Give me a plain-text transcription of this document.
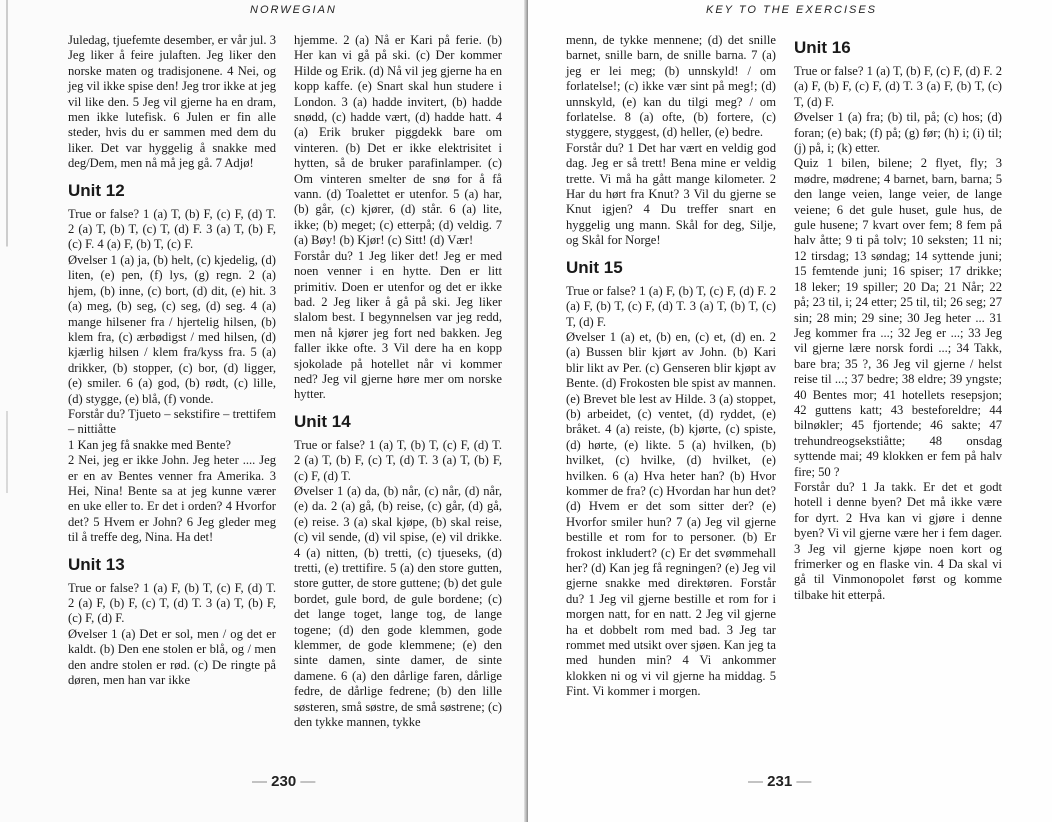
NORWEGIAN

Juledag, tjuefemte desember, er vår jul. 3 Jeg liker å feire julaften. Jeg liker den norske maten og tradisjonene. 4 Nei, og jeg vil ikke spise den! Jeg tror ikke at jeg vil like den. 5 Jeg vil gjerne ha en dram, men ikke lutefisk. 6 Julen er fin alle steder, hvis du er sammen med dem du liker. Det var hyggelig å snakke med deg/Dem, men nå må jeg gå. 7 Adjø!

Unit 12

True or false? 1 (a) T, (b) F, (c) F, (d) T. 2 (a) T, (b) T, (c) T, (d) F. 3 (a) T, (b) F, (c) F. 4 (a) F, (b) T, (c) F.

Øvelser 1 (a) ja, (b) helt, (c) kjedelig, (d) liten, (e) pen, (f) lys, (g) regn. 2 (a) hjem, (b) inne, (c) bort, (d) dit, (e) hit. 3 (a) meg, (b) seg, (c) seg, (d) seg. 4 (a) mange hilsener fra / hjertelig hilsen, (b) klem fra, (c) ærbødigst / med hilsen, (d) kjærlig hilsen / klem fra/kyss fra. 5 (a) drikker, (b) stopper, (c) bor, (d) ligger, (e) smiler. 6 (a) god, (b) rødt, (c) lille, (d) stygge, (e) blå, (f) vonde.

Forstår du? Tjueto – sekstifire – trettifem – nittiåtte

1 Kan jeg få snakke med Bente?

2 Nei, jeg er ikke John. Jeg heter .... Jeg er en av Bentes venner fra Amerika. 3 Hei, Nina! Bente sa at jeg kunne værer en uke eller to. Er det i orden? 4 Hvorfor det? 5 Hvem er John? 6 Jeg gleder meg til å treffe deg, Nina. Ha det!

Unit 13

True or false? 1 (a) F, (b) T, (c) F, (d) T. 2 (a) F, (b) F, (c) T, (d) T. 3 (a) T, (b) F, (c) F, (d) F.

Øvelser 1 (a) Det er sol, men / og det er kaldt. (b) Den ene stolen er blå, og / men den andre stolen er rød. (c) De ringte på døren, men han var ikke

hjemme. 2 (a) Nå er Kari på ferie. (b) Her kan vi gå på ski. (c) Der kommer Hilde og Erik. (d) Nå vil jeg gjerne ha en kopp kaffe. (e) Snart skal hun studere i London. 3 (a) hadde invitert, (b) hadde snødd, (c) hadde vært, (d) hadde hatt. 4 (a) Erik bruker piggdekk bare om vinteren. (b) Det er ikke elektrisitet i hytten, så de bruker parafinlamper. (c) Om vinteren smelter de snø for å få vann. (d) Toalettet er utenfor. 5 (a) har, (b) går, (c) kjører, (d) står. 6 (a) lite, ikke; (b) meget; (c) etterpå; (d) veldig. 7 (a) Bøy! (b) Kjør! (c) Sitt! (d) Vær!

Forstår du? 1 Jeg liker det! Jeg er med noen venner i en hytte. Den er litt primitiv. Doen er utenfor og det er ikke bad. 2 Jeg liker å gå på ski. Jeg liker slalom best. I begynnelsen var jeg redd, men nå kjører jeg fort ned bakken. Jeg faller ikke ofte. 3 Vil dere ha en kopp sjokolade på hotellet når vi kommer ned? Jeg vil gjerne høre mer om norske hytter.

Unit 14

True or false? 1 (a) T, (b) T, (c) F, (d) T. 2 (a) T, (b) F, (c) T, (d) T. 3 (a) T, (b) F, (c) F, (d) T.

Øvelser 1 (a) da, (b) når, (c) når, (d) når, (e) da. 2 (a) gå, (b) reise, (c) går, (d) gå, (e) reise. 3 (a) skal kjøpe, (b) skal reise, (c) vil sende, (d) vil spise, (e) vil drikke. 4 (a) nitten, (b) tretti, (c) tjueseks, (d) tretti, (e) trettifire. 5 (a) den store gutten, store gutter, de store guttene; (b) det gule bordet, gule bord, de gule bordene; (c) det lange toget, lange tog, de lange togene; (d) den gode klemmen, gode klemmer, de gode klemmene; (e) den sinte damen, sinte damer, de sinte damene. 6 (a) den dårlige faren, dårlige fedre, de dårlige fedrene; (b) den lille søsteren, små søstre, de små søstrene; (c) den tykke mannen, tykke

— 230 —
KEY TO THE EXERCISES

menn, de tykke mennene; (d) det snille barnet, snille barn, de snille barna. 7 (a) jeg er lei meg; (b) unnskyld! / om forlatelse!; (c) ikke vær sint på meg!; (d) unnskyld, (e) kan du tilgi meg? / om forlatelse. 8 (a) ofte, (b) fortere, (c) styggere, styggest, (d) heller, (e) bedre.

Forstår du? 1 Det har vært en veldig god dag. Jeg er så trett! Bena mine er veldig trette. Vi må ha gått mange kilometer. 2 Har du hørt fra Knut? 3 Vil du gjerne se Knut igjen? 4 Du treffer snart en hyggelig ung mann. Skål for deg, Silje, og Skål for Norge!

Unit 15

True or false? 1 (a) F, (b) T, (c) F, (d) F. 2 (a) F, (b) T, (c) F, (d) T. 3 (a) T, (b) T, (c) T, (d) F.

Øvelser 1 (a) et, (b) en, (c) et, (d) en. 2 (a) Bussen blir kjørt av John. (b) Kari blir likt av Per. (c) Genseren blir kjøpt av Bente. (d) Frokosten ble spist av mannen. (e) Brevet ble lest av Hilde. 3 (a) stoppet, (b) arbeidet, (c) ventet, (d) ryddet, (e) bråket. 4 (a) reiste, (b) kjørte, (c) spiste, (d) hørte, (e) likte. 5 (a) hvilken, (b) hvilket, (c) hvilke, (d) hvilket, (e) hvilken. 6 (a) Hva heter han? (b) Hvor kommer de fra? (c) Hvordan har hun det? (d) Hvem er det som sitter der? (e) Hvorfor smiler hun? 7 (a) Jeg vil gjerne bestille et rom for to personer. (b) Er frokost inkludert? (c) Er det svømmehall her? (d) Kan jeg få regningen? (e) Jeg vil gjerne snakke med direktøren. Forstår du? 1 Jeg vil gjerne bestille et rom for i morgen natt, for en natt. 2 Jeg vil gjerne ha et dobbelt rom med bad. 3 Jeg tar rommet med utsikt over sjøen. Kan jeg ta med hunden min? 4 Vi ankommer klokken ni og vi vil gjerne ha middag. 5 Fint. Vi kommer i morgen.

Unit 16

True or false? 1 (a) T, (b) F, (c) F, (d) F. 2 (a) F, (b) F, (c) F, (d) T. 3 (a) F, (b) T, (c) T, (d) F.

Øvelser 1 (a) fra; (b) til, på; (c) hos; (d) foran; (e) bak; (f) på; (g) før; (h) i; (i) til; (j) på, i; (k) etter.

Quiz 1 bilen, bilene; 2 flyet, fly; 3 mødre, mødrene; 4 barnet, barn, barna; 5 den lange veien, lange veier, de lange veiene; 6 det gule huset, gule hus, de gule husene; 7 kvart over fem; 8 fem på halv åtte; 9 ti på tolv; 10 seksten; 11 ni; 12 tirsdag; 13 søndag; 14 syttende juni; 15 femtende juni; 16 spiser; 17 drikke; 18 leker; 19 spiller; 20 Da; 21 Når; 22 på; 23 til, i; 24 etter; 25 til, til; 26 seg; 27 sin; 28 min; 29 sine; 30 Jeg heter ... 31 Jeg kommer fra ...; 32 Jeg er ...; 33 Jeg vil gjerne lære norsk fordi ...; 34 Takk, bare bra; 35 ?, 36 Jeg vil gjerne / helst reise til ...; 37 bedre; 38 eldre; 39 yngste; 40 Bentes mor; 41 hotellets resepsjon; 42 guttens katt; 43 besteforeldre; 44 bilnøkler; 45 fjortende; 46 sakte; 47 trehundreogsekstiåtte; 48 onsdag syttende mai; 49 klokken er fem på halv fire; 50 ?

Forstår du? 1 Ja takk. Er det et godt hotell i denne byen? Det må ikke være for dyrt. 2 Hva kan vi gjøre i denne byen? Vi vil gjerne være her i fem dager. 3 Jeg vil gjerne kjøpe noen kort og frimerker og en flaske vin. 4 Da skal vi gå til Vinmonopolet først og komme tilbake hit etterpå.

— 231 —
